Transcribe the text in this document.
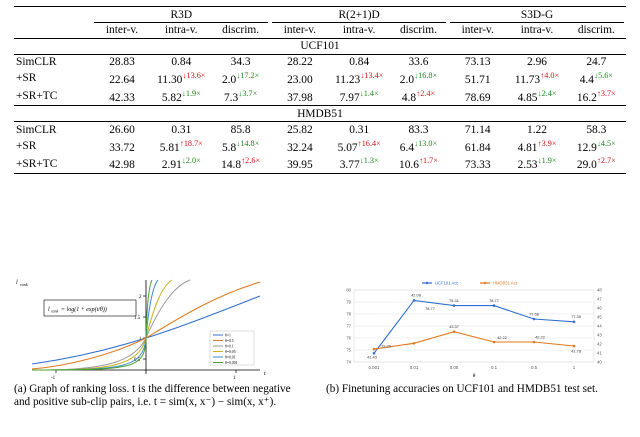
	R3D			R(2+1)D			S3D-G		

	inter-v.	intra-v.	discrim.	inter-v.	intra-v.	discrim.	inter-v.	intra-v.	discrim.
UCF101									
SimCLR	28.83	0.84	34.3	28.22	0.84	33.6	73.13	2.96	24.7
+SR	22.64	$11.30^{↓13.6\times}$	$2.0^{↓17.2\times}$	23.00	$11.23^{↓13.4\times}$	$2.0^{↓16.8\times}$	51.71	$11.73^{↑4.0\times}$	$4.4^{↓5.6\times}$
+SR+TC	42.33	$5.82^{↓1.9\times}$	$7.3^{↓3.7\times}$	37.98	$7.97^{↓1.4\times}$	$4.8^{↑2.4\times}$	78.69	$4.85^{↓2.4\times}$	$16.2^{↑3.7\times}$
HMDB51									
SimCLR	26.60	0.31	85.8	25.82	0.31	83.3	71.14	1.22	58.3
+SR	33.72	$5.81^{↑18.7\times}$	$5.8^{↓14.8\times}$	32.24	$5.07^{↑16.4\times}$	$6.4^{↓13.0\times}$	61.84	$4.81^{↑3.9\times}$	$12.9^{↓4.5\times}$
+SR+TC	42.98	$2.91^{↓2.0\times}$	$14.8^{↑2.6\times}$	39.95	$3.77^{↓1.3\times}$	$10.6^{↑1.7\times}$	73.33	$2.53^{↓1.9\times}$	$29.0^{↑2.7\times}$

0.5
1
1.5
2
-1	1
l rank
t
l rank = log(1 + exp(t/θ))
θ=1
θ=0.5
θ=0.1
θ=0.05
θ=0.01
θ=0.001
(a) Graph of ranking loss. t is the difference between negative and positive sub-clip pairs, i.e. t = sim(x, x⁻) − sim(x, x⁺).
80
79
78
77
76
75
74
48
47
46
45
44
43
42
41
40
0.001	0.01	0.05	0.1	0.5	1
θ
41.43
42.08
75.31	78.77
77.58	77.35
79.20
43.37
42.22	42.22
41.78
78.77
UCF101 Acc	HMDB51 Acc
(b) Finetuning accuracies on UCF101 and HMDB51 test set.
